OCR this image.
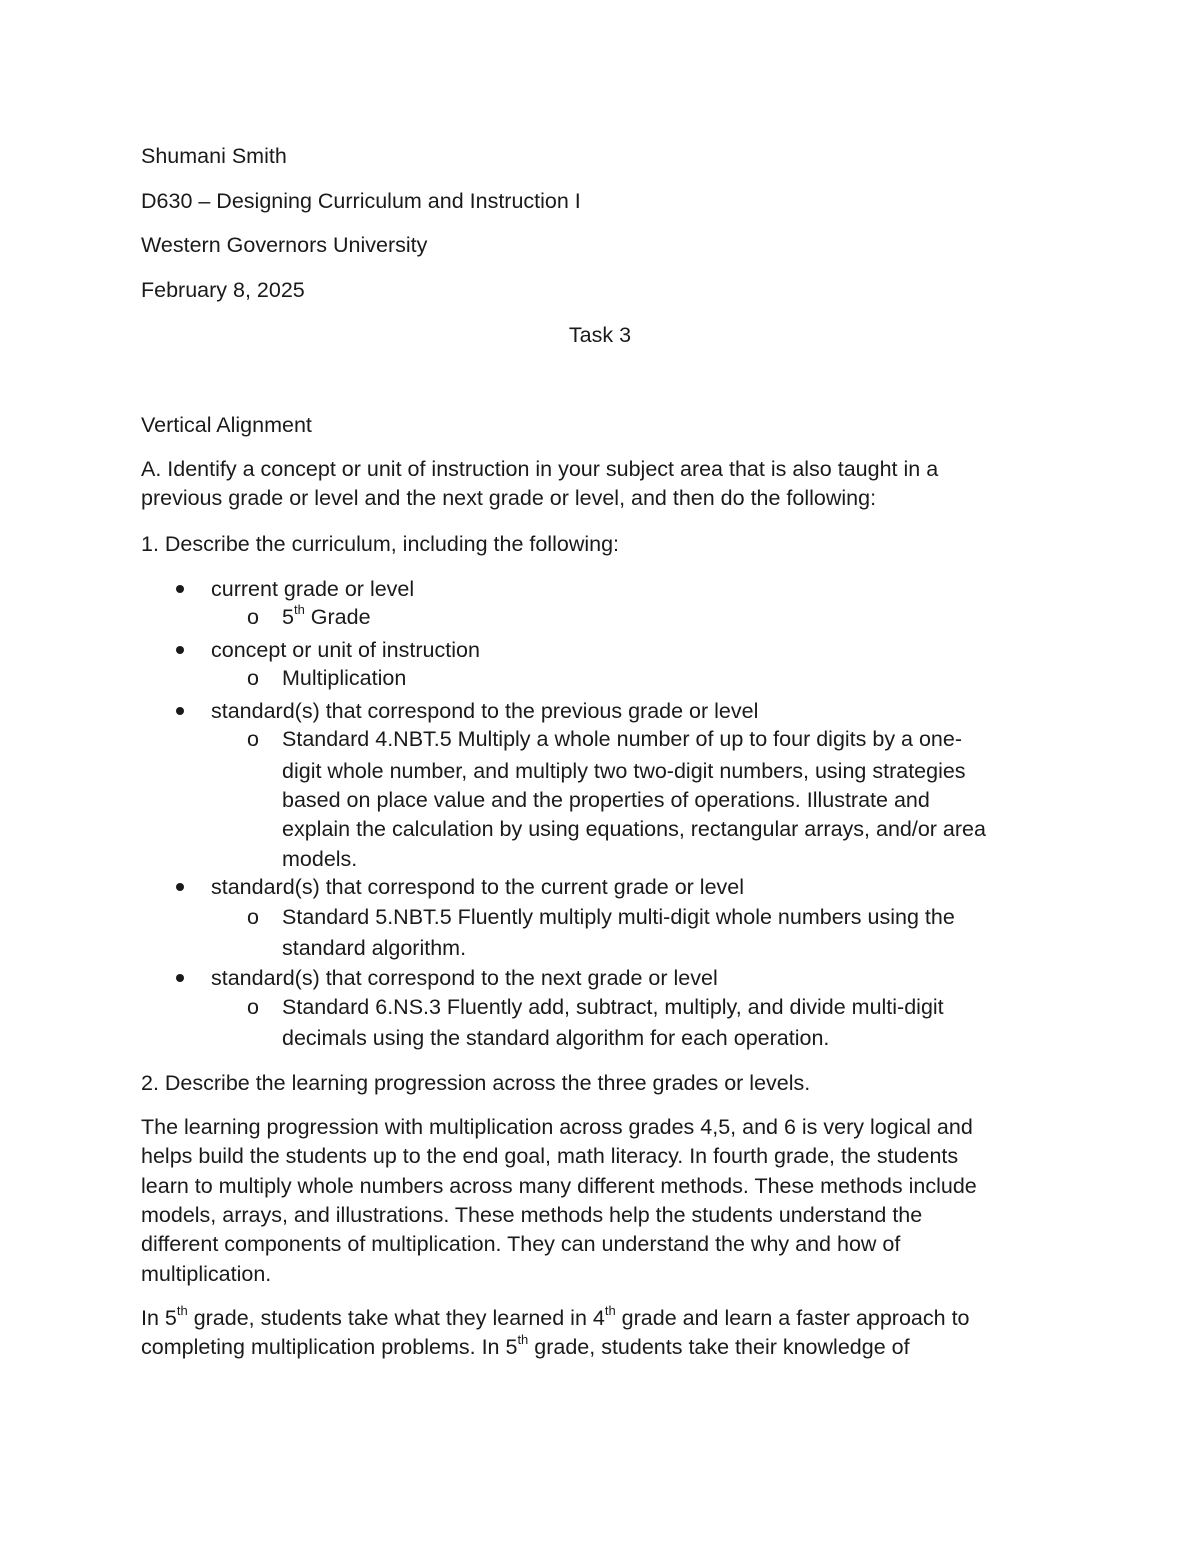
Shumani Smith

D630 – Designing Curriculum and Instruction I

Western Governors University

February 8, 2025

Task 3

Vertical Alignment

A. Identify a concept or unit of instruction in your subject area that is also taught in a

previous grade or level and the next grade or level, and then do the following:

1. Describe the curriculum, including the following:

current grade or level

o 5th Grade

concept or unit of instruction

o Multiplication

standard(s) that correspond to the previous grade or level

o Standard 4.NBT.5 Multiply a whole number of up to four digits by a one-

digit whole number, and multiply two two-digit numbers, using strategies

based on place value and the properties of operations. Illustrate and

explain the calculation by using equations, rectangular arrays, and/or area

models.

standard(s) that correspond to the current grade or level

o Standard 5.NBT.5 Fluently multiply multi-digit whole numbers using the

standard algorithm.

standard(s) that correspond to the next grade or level

o Standard 6.NS.3 Fluently add, subtract, multiply, and divide multi-digit

decimals using the standard algorithm for each operation.

2. Describe the learning progression across the three grades or levels.

The learning progression with multiplication across grades 4,5, and 6 is very logical and

helps build the students up to the end goal, math literacy. In fourth grade, the students

learn to multiply whole numbers across many different methods. These methods include

models, arrays, and illustrations. These methods help the students understand the

different components of multiplication. They can understand the why and how of

multiplication.

In 5th grade, students take what they learned in 4th grade and learn a faster approach to

completing multiplication problems. In 5th grade, students take their knowledge of
